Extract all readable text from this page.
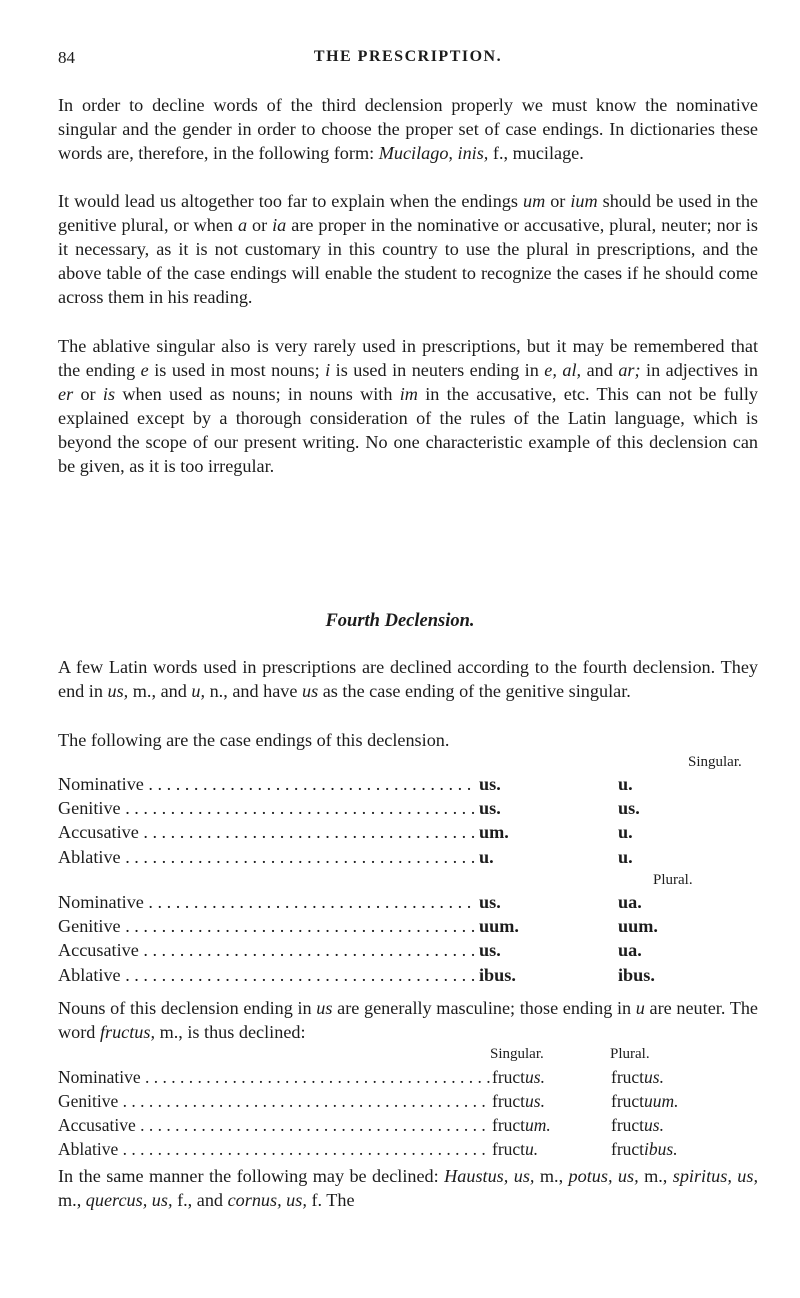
84	THE PRESCRIPTION.

In order to decline words of the third declension properly we must know the nominative singular and the gender in order to choose the proper set of case endings. In dictionaries these words are, therefore, in the following form: Mucilago, inis, f., mucilage.

It would lead us altogether too far to explain when the endings um or ium should be used in the genitive plural, or when a or ia are proper in the nominative or accusative, plural, neuter; nor is it necessary, as it is not customary in this country to use the plural in prescriptions, and the above table of the case endings will enable the student to recognize the cases if he should come across them in his reading.

The ablative singular also is very rarely used in prescriptions, but it may be remembered that the ending e is used in most nouns; i is used in neuters ending in e, al, and ar; in adjectives in er or is when used as nouns; in nouns with im in the accusative, etc. This can not be fully explained except by a thorough consideration of the rules of the Latin language, which is beyond the scope of our present writing. No one characteristic example of this declension can be given, as it is too irregular.

Fourth Declension.

A few Latin words used in prescriptions are declined according to the fourth declension. They end in us, m., and u, n., and have us as the case ending of the genitive singular.

The following are the case endings of this declension.

Singular.
Nominative . . .	us.	u.
Genitive . . .	us.	us.
Accusative . . .	um.	u.
Ablative . . .	u.	u.
Plural.
Nominative . . .	us.	ua.
Genitive . . .	uum.	uum.
Accusative . . .	us.	ua.
Ablative . . .	ibus.	ibus.

Nouns of this declension ending in us are generally masculine; those ending in u are neuter. The word fructus, m., is thus declined:

Singular.	Plural.
Nominative . . .	fructus.	fructus.
Genitive . . .	fructus.	fructuum.
Accusative . . .	fructum.	fructus.
Ablative . . .	fructu.	fructibus.

In the same manner the following may be declined: Haustus, us, m., potus, us, m., spiritus, us, m., quercus, us, f., and cornus, us, f. The
